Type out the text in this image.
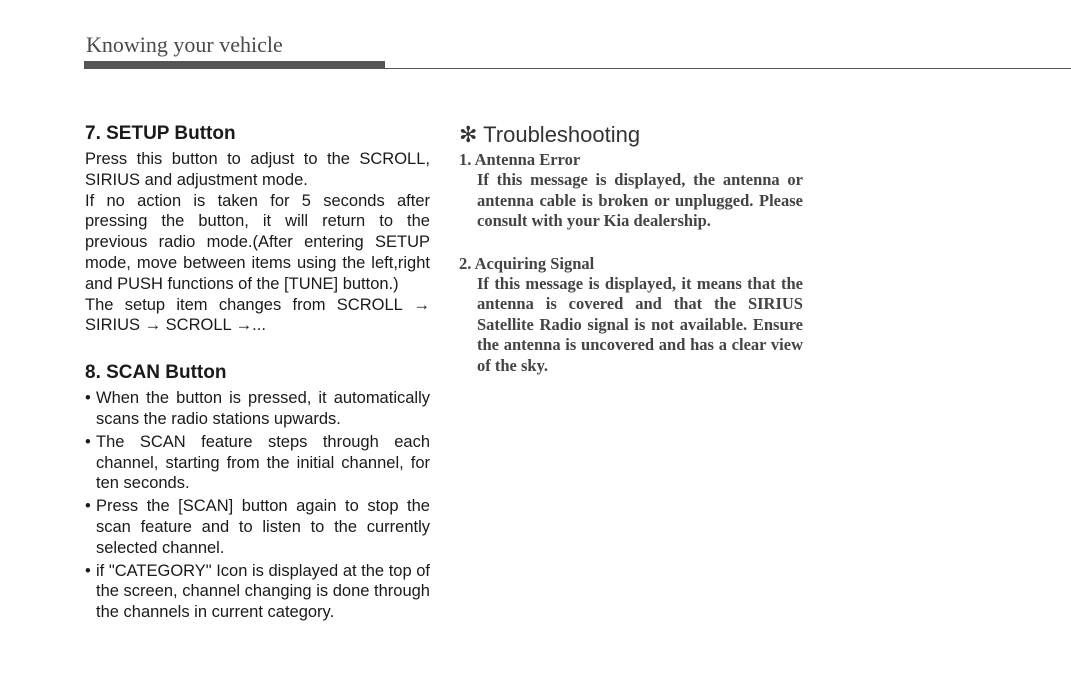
Knowing your vehicle
7. SETUP Button

Press this button to adjust to the SCROLL, SIRIUS and adjustment mode.

If no action is taken for 5 seconds after pressing the button, it will return to the previous radio mode.(After entering SETUP mode, move between items using the left,right and PUSH functions of the [TUNE] button.)

The setup item changes from SCROLL → SIRIUS → SCROLL →...

8. SCAN Button
• When the button is pressed, it automatically scans the radio stations upwards.
• The SCAN feature steps through each channel, starting from the initial channel, for ten seconds.
• Press the [SCAN] button again to stop the scan feature and to listen to the currently selected channel.
• if "CATEGORY" Icon is displayed at the top of the screen, channel changing is done through the channels in current category.
✻ Troubleshooting

1. Antenna Error

If this message is displayed, the antenna or antenna cable is broken or unplugged. Please consult with your Kia dealership.

2. Acquiring Signal

If this message is displayed, it means that the antenna is covered and that the SIRIUS Satellite Radio signal is not available. Ensure the antenna is uncovered and has a clear view of the sky.
